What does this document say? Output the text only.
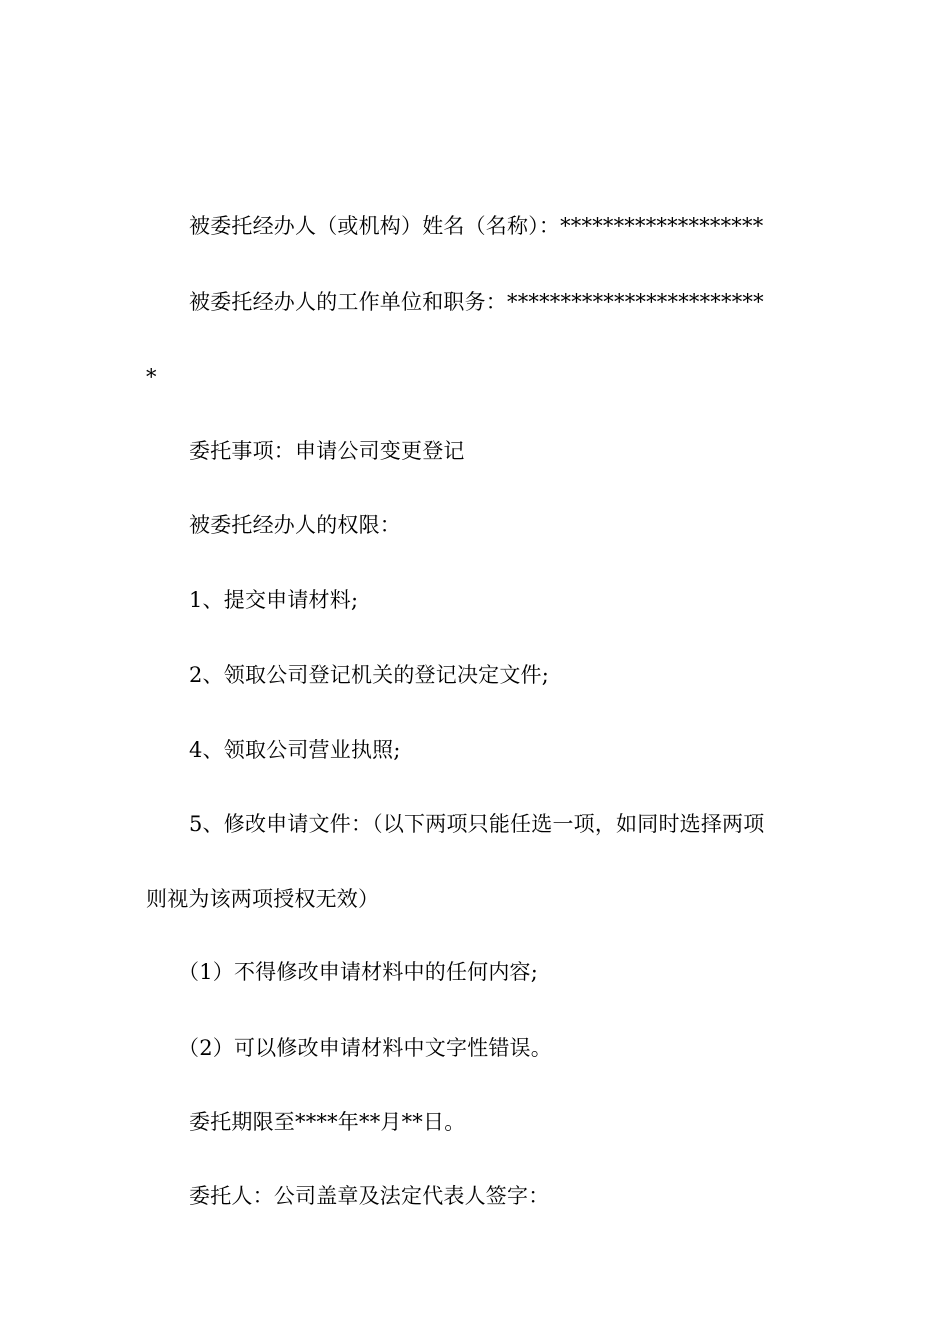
被委托经办人（或机构）姓名（名称）：*******************
被委托经办人的工作单位和职务：************************
*
委托事项：申请公司变更登记
被委托经办人的权限：
1、提交申请材料;
2、领取公司登记机关的登记决定文件;
4、领取公司营业执照;
5、修改申请文件：（以下两项只能任选一项，如同时选择两项
则视为该两项授权无效）
（1）不得修改申请材料中的任何内容;
（2）可以修改申请材料中文字性错误。
委托期限至****年**月**日。
委托人：公司盖章及法定代表人签字：
